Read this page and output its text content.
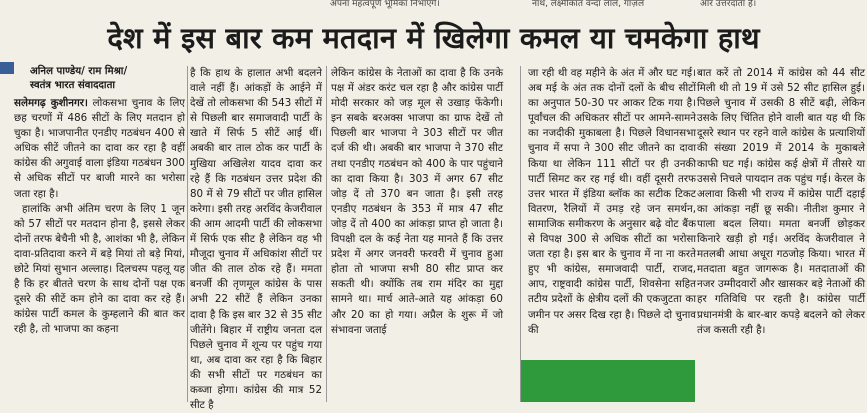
अपना महत्वपूर्ण भूमिका निभाएगे।	नाथ, लक्ष्मीकांत वन्दा लाल, गाज़ल	आँर उत्तरदाता है।
देश में इस बार कम मतदान में खिलेगा कमल या चमकेगा हाथ
अनिल पाण्डेय/ राम मिश्रा/
स्वतंत्र भारत संवाददाता

सलेमगढ़ कुशीनगर। लोकसभा चुनाव के लिए छह चरणों में 486 सीटों के लिए मतदान हो चुका है। भाजपानीत एनडीए गठबंधन 400 से अधिक सीटें जीतने का दावा कर रहा है वहीं कांग्रेस की अगुवाई वाला इंडिया गठबंधन 300 से अधिक सीटों पर बाजी मारने का भरोसा जता रहा है।

हालांकि अभी अंतिम चरण के लिए 1 जून को 57 सीटों पर मतदान होना है, इससे लेकर दोनों तरफ बेचैनी भी है, आशंका भी है, लेकिन दावा-प्रतिदावा करने में बड़े मियां तो बड़े मियां, छोटे मियां सुभान अल्लाह। दिलचस्प पहलू यह है कि हर बीतते चरण के साथ दोनों पक्ष एक दूसरे की सीटें कम होने का दावा कर रहे हैं। कांग्रेस पार्टी कमल के कुम्हलाने की बात कर रही है, तो भाजपा का कहना

है कि हाथ के हालात अभी बदलने वाले नहीं हैं। आंकड़ों के आईने में देखें तो लोकसभा की 543 सीटों में से पिछली बार समाजवादी पार्टी के खाते में सिर्फ 5 सीटें आई थीं। अबकी बार ताल ठोक कर पार्टी के मुखिया अखिलेश यादव दावा कर रहे हैं कि गठबंधन उत्तर प्रदेश की 80 में से 79 सीटों पर जीत हासिल करेगा। इसी तरह अरविंद केजरीवाल की आम आदमी पार्टी की लोकसभा में सिर्फ एक सीट है लेकिन वह भी मौजूदा चुनाव में अधिकांश सीटों पर जीत की ताल ठोक रहे हैं। ममता बनर्जी की तृणमूल कांग्रेस के पास अभी 22 सीटें हैं लेकिन उनका दावा है कि इस बार 32 से 35 सीट जीतेंगे। बिहार में राष्ट्रीय जनता दल पिछले चुनाव में शून्य पर पहुंच गया था, अब दावा कर रहा है कि बिहार की सभी सीटों पर गठबंधन का कब्जा होगा। कांग्रेस की मात्र 52 सीट है

लेकिन कांग्रेस के नेताओं का दावा है कि उनके पक्ष में अंडर करंट चल रहा है और कांग्रेस पार्टी मोदी सरकार को जड़ मूल से उखाड़ फेंकेगी। इन सबके बरअक्स भाजपा का ग्राफ देखें तो पिछली बार भाजपा ने 303 सीटों पर जीत दर्ज की थी। अबकी बार भाजपा ने 370 सीट तथा एनडीए गठबंधन को 400 के पार पहुंचाने का दावा किया है। 303 में अगर 67 सीट जोड़ दें तो 370 बन जाता है। इसी तरह एनडीए गठबंधन के 353 में मात्र 47 सीट जोड़ दें तो 400 का आंकड़ा प्राप्त हो जाता है। विपक्षी दल के कई नेता यह मानते हैं कि उत्तर प्रदेश में अगर जनवरी फरवरी में चुनाव हुआ होता तो भाजपा सभी 80 सीट प्राप्त कर सकती थी। क्योंकि तब राम मंदिर का मुद्दा सामने था। मार्च आते-आते यह आंकड़ा 60 और 20 का हो गया। अप्रैल के शुरू में जो संभावना जताई

जा रही थी वह महीने के अंत में और घट गई। अब मई के अंत तक दोनों दलों के बीच सीटों का अनुपात 50-30 पर आकर टिक गया है। पूर्वांचल की अधिकतर सीटों पर आमने-सामने का नजदीकी मुकाबला है। पिछले विधानसभा चुनाव में सपा ने 300 सीट जीतने का दावा किया था लेकिन 111 सीटों पर ही उनकी पार्टी सिमट कर रह गई थी। वहीं दूसरी तरफ उत्तर भारत में इंडिया ब्लॉक का सटीक टिकट वितरण, रैलियों में उमड़ रहे जन समर्थन, सामाजिक समीकरण के अनुसार बढ़े वोट बैंक से विपक्ष 300 से अधिक सीटों का भरोसा जता रहा है। इस बार के चुनाव में ना ना करते हुए भी कांग्रेस, समाजवादी पार्टी, राजद, आप, राष्ट्रवादी कांग्रेस पार्टी, शिवसेना सहित तटीय प्रदेशों के क्षेत्रीय दलों की एकजुटता का जमीन पर असर दिख रहा है। पिछले दो चुनाव की

बात करें तो 2014 में कांग्रेस को 44 सीट मिली थी तो 19 में उसे 52 सीट हासिल हुई। पिछले चुनाव में उसकी 8 सीटें बढ़ी, लेकिन उसके लिए चिंतित होने वाली बात यह थी कि दूसरे स्थान पर रहने वाले कांग्रेस के प्रत्याशियों की संख्या 2019 में 2014 के मुकाबले काफी घट गई। कांग्रेस कई क्षेत्रों में तीसरे या उससे निचले पायदान तक पहुंच गई। केरल के अलावा किसी भी राज्य में कांग्रेस पार्टी दहाई का आंकड़ा नहीं छू सकी। नीतीश कुमार ने पाला बदल लिया। ममता बनर्जी छोड़कर किनारे खड़ी हो गई। अरविंद केजरीवाल ने मतलबी आधा अधूरा गठजोड़ किया। भारत में मतदाता बहुत जागरूक है। मतदाताओं की नजर उम्मीदवारों और खासकर बड़े नेताओं की हर गतिविधि पर रहती है। कांग्रेस पार्टी प्रधानमंत्री के बार-बार कपड़े बदलने को लेकर तंज कसती रही है।
